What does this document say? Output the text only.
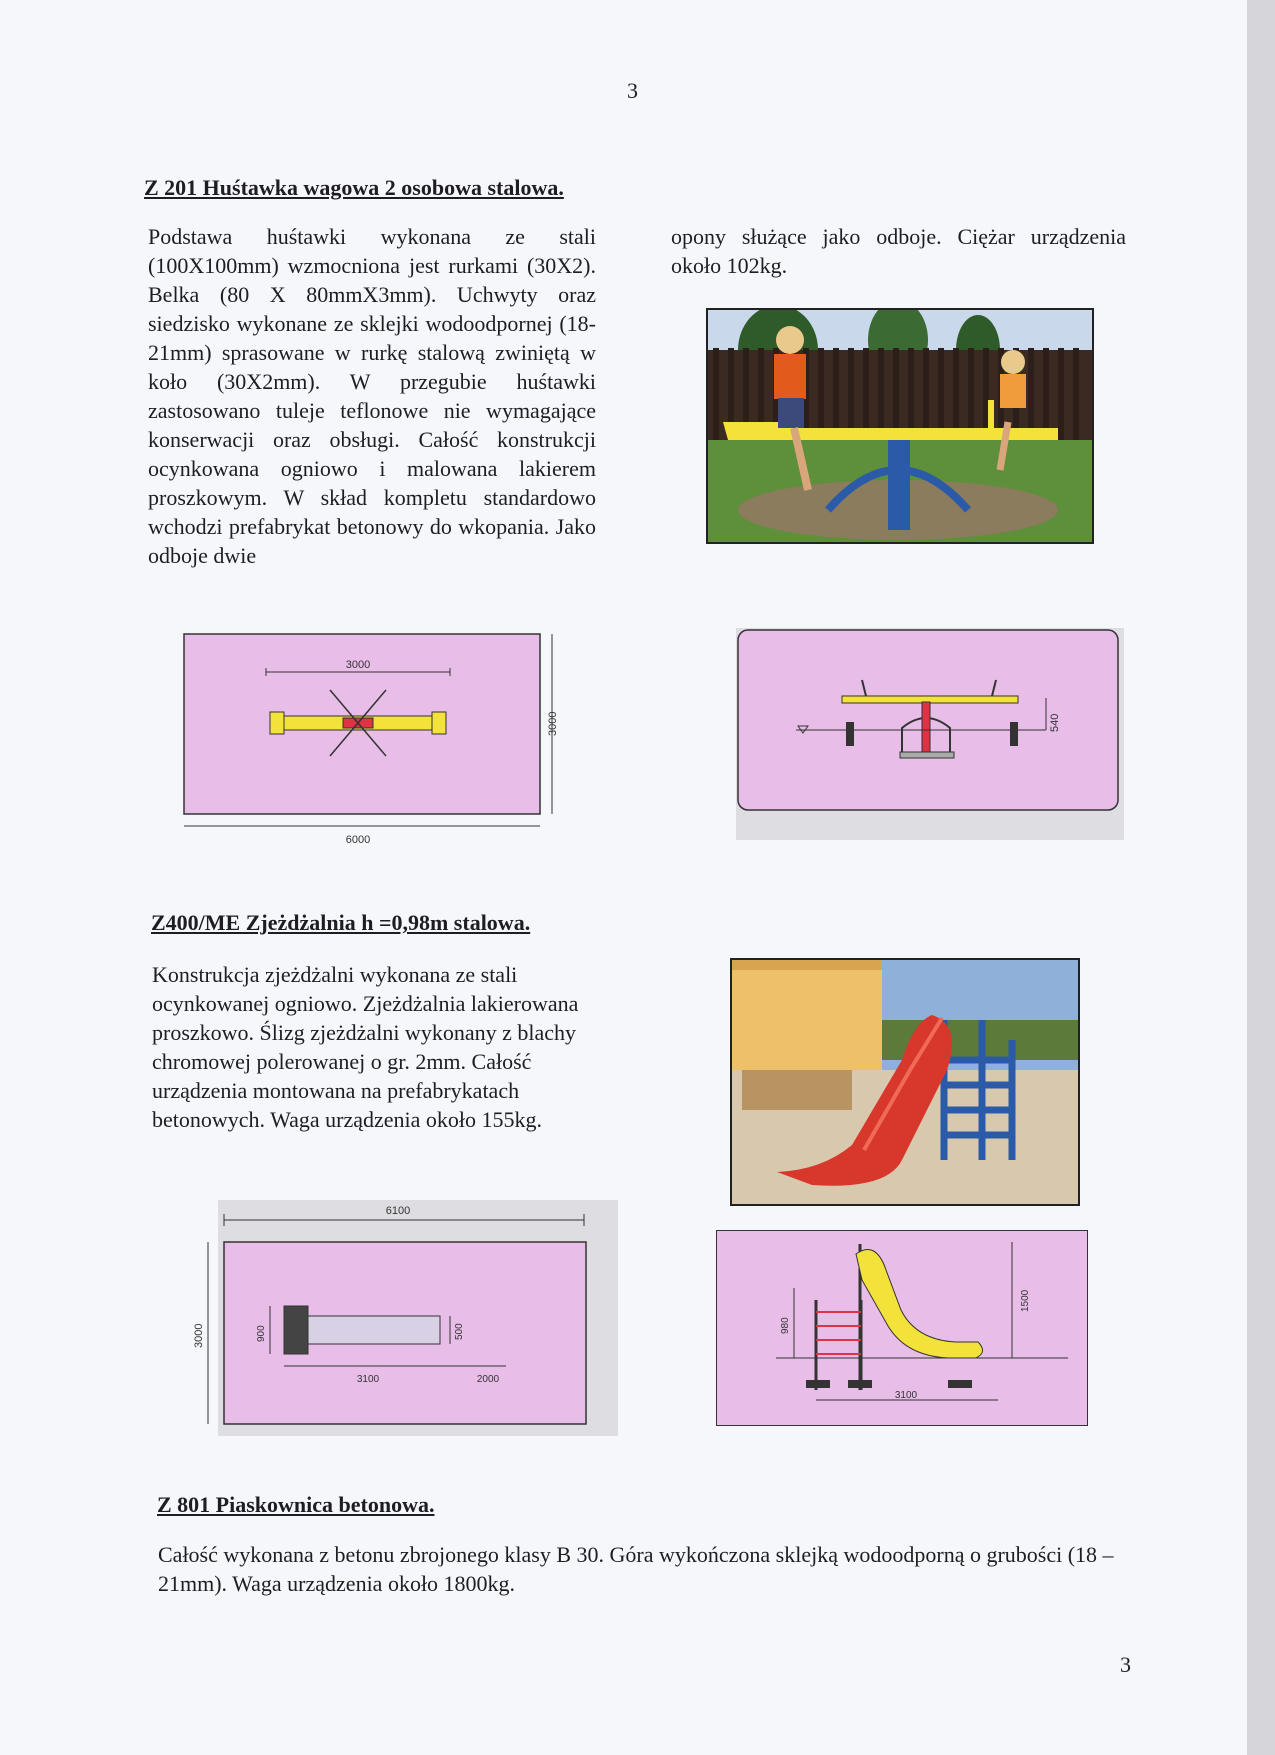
3
Z 201 Huśtawka wagowa 2 osobowa stalowa.
Podstawa huśtawki wykonana ze stali (100X100mm) wzmocniona jest rurkami (30X2). Belka (80 X 80mmX3mm). Uchwyty oraz siedzisko wykonane ze sklejki wodoodpornej (18-21mm) sprasowane w rurkę stalową zwiniętą w koło (30X2mm). W przegubie huśtawki zastosowano tuleje teflonowe nie wymagające konserwacji oraz obsługi. Całość konstrukcji ocynkowana ogniowo i malowana lakierem proszkowym. W skład kompletu standardowo wchodzi prefabrykat betonowy do wkopania. Jako odboje dwie
opony służące jako odboje. Ciężar urządzenia około 102kg.
3000
3000
6000
540
Z400/ME Zjeżdżalnia h =0,98m stalowa.
Konstrukcja zjeżdżalni wykonana ze stali ocynkowanej ogniowo. Zjeżdżalnia lakierowana proszkowo. Ślizg zjeżdżalni wykonany z blachy chromowej polerowanej o gr. 2mm. Całość urządzenia montowana na prefabrykatach betonowych. Waga urządzenia około 155kg.
6100
3000	900	500
3100	2000
980
1500
3100
Z 801 Piaskownica betonowa.
Całość wykonana z betonu zbrojonego klasy B 30. Góra wykończona sklejką wodoodporną o grubości (18 – 21mm). Waga urządzenia około 1800kg.
3
